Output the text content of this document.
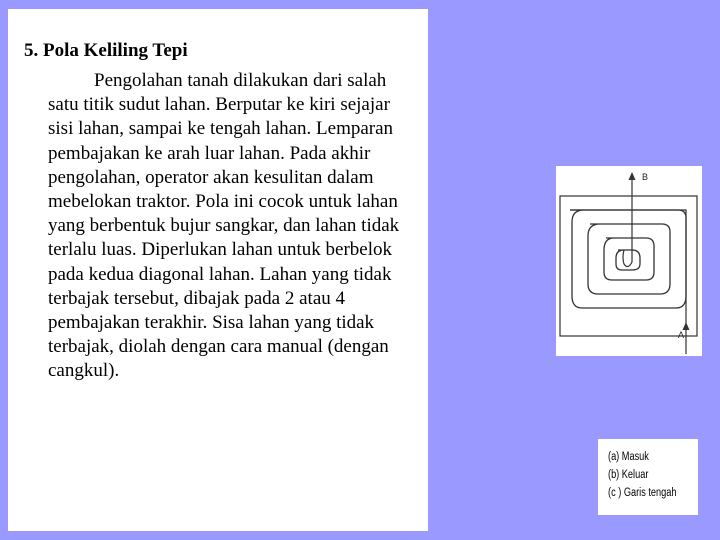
5. Pola Keliling Tepi

Pengolahan tanah dilakukan dari salah satu titik sudut lahan. Berputar ke kiri sejajar sisi lahan, sampai ke tengah lahan. Lemparan pembajakan ke arah luar lahan. Pada akhir pengolahan, operator akan kesulitan dalam mebelokan traktor. Pola ini cocok untuk lahan yang berbentuk bujur sangkar, dan lahan tidak terlalu luas. Diperlukan lahan untuk berbelok pada kedua diagonal lahan. Lahan yang tidak terbajak tersebut, dibajak pada 2 atau 4 pembajakan terakhir. Sisa lahan yang tidak terbajak, diolah dengan cara manual (dengan cangkul).

B
A
(a) Masuk
(b) Keluar
(c ) Garis tengah
